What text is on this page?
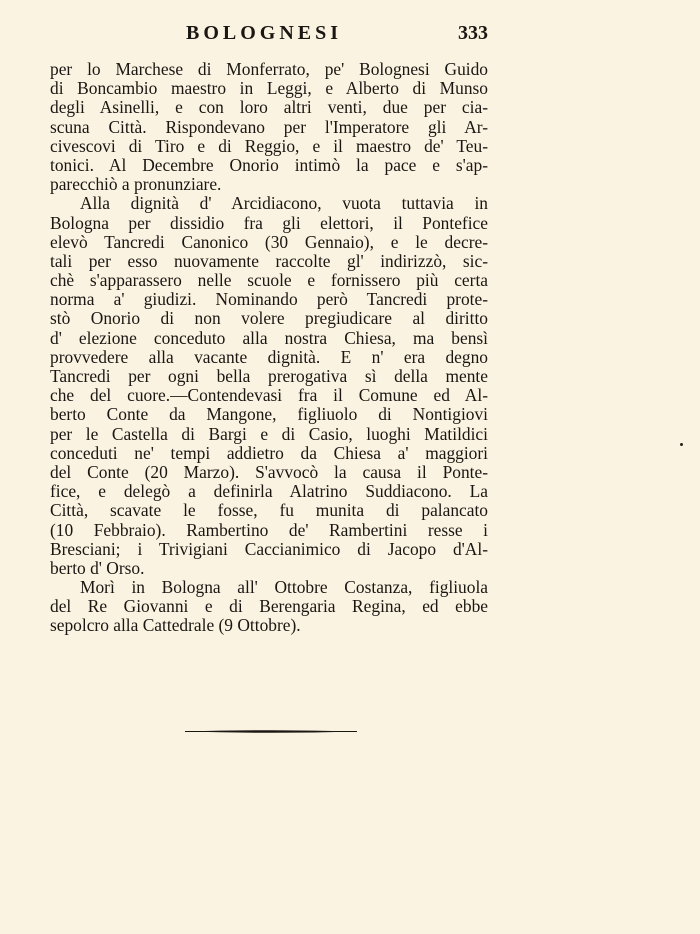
BOLOGNESI	333
per lo Marchese di Monferrato, pe' Bolognesi Guido
di Boncambio maestro in Leggi, e Alberto di Munso
degli Asinelli, e con loro altri venti, due per cia-
scuna Città. Rispondevano per l'Imperatore gli Ar-
civescovi di Tiro e di Reggio, e il maestro de' Teu-
tonici. Al Decembre Onorio intimò la pace e s'ap-
parecchiò a pronunziare.
Alla dignità d' Arcidiacono, vuota tuttavia in
Bologna per dissidio fra gli elettori, il Pontefice
elevò Tancredi Canonico (30 Gennaio), e le decre-
tali per esso nuovamente raccolte gl' indirizzò, sic-
chè s'apparassero nelle scuole e fornissero più certa
norma a' giudizi. Nominando però Tancredi prote-
stò Onorio di non volere pregiudicare al diritto
d' elezione conceduto alla nostra Chiesa, ma bensì
provvedere alla vacante dignità. E n' era degno
Tancredi per ogni bella prerogativa sì della mente
che del cuore.—Contendevasi fra il Comune ed Al-
berto Conte da Mangone, figliuolo di Nontigiovi
per le Castella di Bargi e di Casio, luoghi Matildici
conceduti ne' tempi addietro da Chiesa a' maggiori
del Conte (20 Marzo). S'avvocò la causa il Ponte-
fice, e delegò a definirla Alatrino Suddiacono. La
Città, scavate le fosse, fu munita di palancato
(10 Febbraio). Rambertino de' Rambertini resse i
Bresciani; i Trivigiani Caccianimico di Jacopo d'Al-
berto d' Orso.
Morì in Bologna all' Ottobre Costanza, figliuola
del Re Giovanni e di Berengaria Regina, ed ebbe
sepolcro alla Cattedrale (9 Ottobre).
